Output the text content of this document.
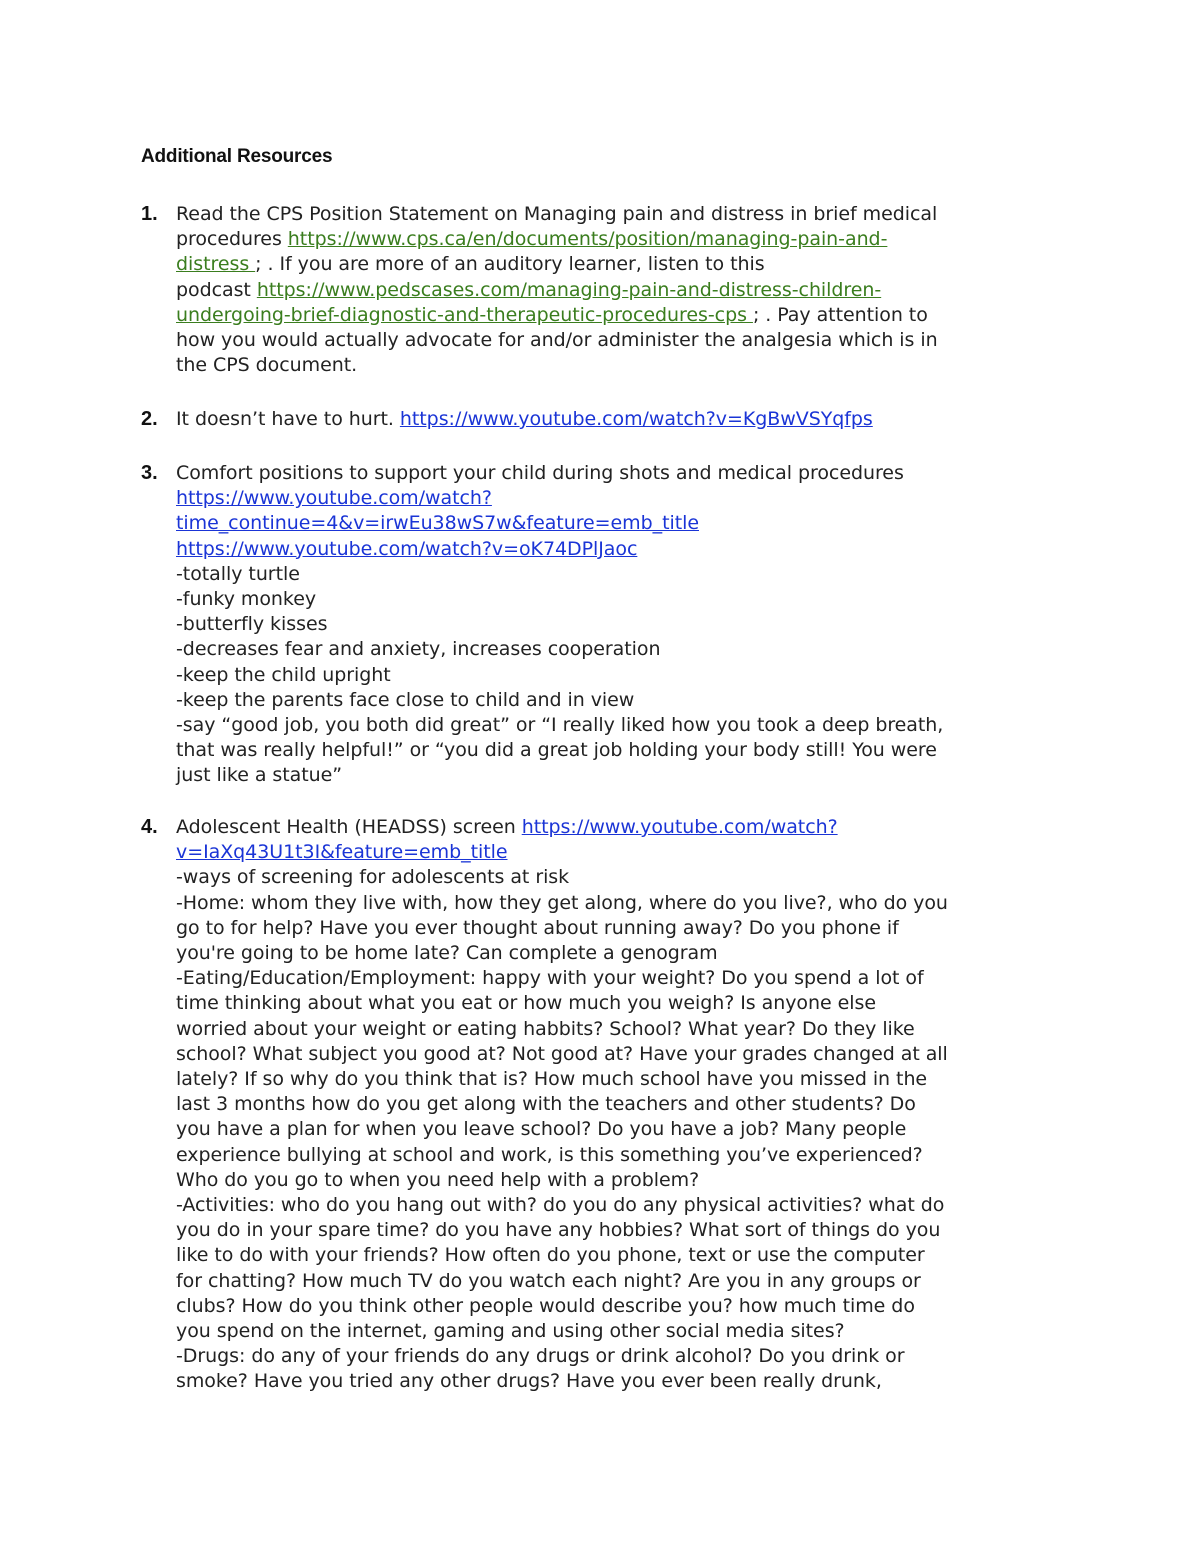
Additional Resources
1. Read the CPS Position Statement on Managing pain and distress in brief medical
procedures https://www.cps.ca/en/documents/position/managing-pain-and-
distress ; . If you are more of an auditory learner, listen to this
podcast https://www.pedscases.com/managing-pain-and-distress-children-
undergoing-brief-diagnostic-and-therapeutic-procedures-cps ; . Pay attention to
how you would actually advocate for and/or administer the analgesia which is in
the CPS document.
2. It doesn’t have to hurt. https://www.youtube.com/watch?v=KgBwVSYqfps
3. Comfort positions to support your child during shots and medical procedures
https://www.youtube.com/watch?
time_continue=4&v=irwEu38wS7w&feature=emb_title
https://www.youtube.com/watch?v=oK74DPlJaoc
-totally turtle
-funky monkey
-butterfly kisses
-decreases fear and anxiety, increases cooperation
-keep the child upright
-keep the parents face close to child and in view
-say “good job, you both did great” or “I really liked how you took a deep breath,
that was really helpful!” or “you did a great job holding your body still! You were
just like a statue”
4. Adolescent Health (HEADSS) screen https://www.youtube.com/watch?
v=IaXq43U1t3I&feature=emb_title
-ways of screening for adolescents at risk
-Home: whom they live with, how they get along, where do you live?, who do you
go to for help? Have you ever thought about running away? Do you phone if
you're going to be home late? Can complete a genogram
-Eating/Education/Employment: happy with your weight? Do you spend a lot of
time thinking about what you eat or how much you weigh? Is anyone else
worried about your weight or eating habbits? School? What year? Do they like
school? What subject you good at? Not good at? Have your grades changed at all
lately? If so why do you think that is? How much school have you missed in the
last 3 months how do you get along with the teachers and other students? Do
you have a plan for when you leave school? Do you have a job? Many people
experience bullying at school and work, is this something you’ve experienced?
Who do you go to when you need help with a problem?
-Activities: who do you hang out with? do you do any physical activities? what do
you do in your spare time? do you have any hobbies? What sort of things do you
like to do with your friends? How often do you phone, text or use the computer
for chatting? How much TV do you watch each night? Are you in any groups or
clubs? How do you think other people would describe you? how much time do
you spend on the internet, gaming and using other social media sites?
-Drugs: do any of your friends do any drugs or drink alcohol? Do you drink or
smoke? Have you tried any other drugs? Have you ever been really drunk,
